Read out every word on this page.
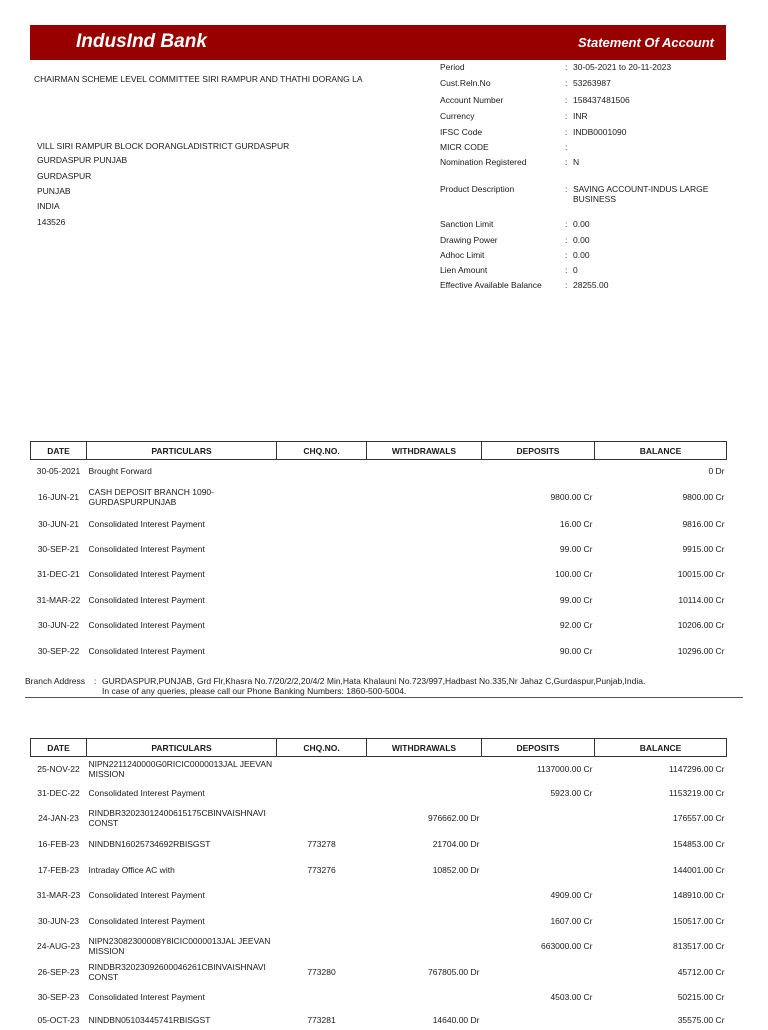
IndusInd Bank	Statement Of Account
CHAIRMAN SCHEME LEVEL COMMITTEE SIRI RAMPUR AND THATHI DORANG LA
VILL SIRI RAMPUR BLOCK DORANGLADISTRICT GURDASPUR
GURDASPUR PUNJAB
GURDASPUR
PUNJAB
INDIA
143526
Period	: 30-05-2021 to 20-11-2023
Cust.Reln.No	: 53263987
Account Number	: 158437481506
Currency	: INR
IFSC Code	: INDB0001090
MICR CODE	:
Nomination Registered	: N
Product Description	: SAVING ACCOUNT-INDUS LARGE BUSINESS
Sanction Limit	: 0.00
Drawing Power	: 0.00
Adhoc Limit	: 0.00
Lien Amount	: 0
Effective Available Balance	: 28255.00
DATE	PARTICULARS	CHQ.NO.	WITHDRAWALS	DEPOSITS	BALANCE
30-05-2021	Brought Forward				0 Dr
16-JUN-21	CASH DEPOSIT BRANCH 1090-GURDASPURPUNJAB			9800.00 Cr	9800.00 Cr
30-JUN-21	Consolidated Interest Payment			16.00 Cr	9816.00 Cr
30-SEP-21	Consolidated Interest Payment			99.00 Cr	9915.00 Cr
31-DEC-21	Consolidated Interest Payment			100.00 Cr	10015.00 Cr
31-MAR-22	Consolidated Interest Payment			99.00 Cr	10114.00 Cr
30-JUN-22	Consolidated Interest Payment			92.00 Cr	10206.00 Cr
30-SEP-22	Consolidated Interest Payment			90.00 Cr	10296.00 Cr
Branch Address : GURDASPUR,PUNJAB, Grd Flr,Khasra No.7/20/2/2,20/4/2 Min,Hata Khalauni No.723/997,Hadbast No.335,Nr Jahaz C,Gurdaspur,Punjab,India.
In case of any queries, please call our Phone Banking Numbers: 1860-500-5004.
DATE	PARTICULARS	CHQ.NO.	WITHDRAWALS	DEPOSITS	BALANCE
25-NOV-22	NIPN2211240000G0RICIC0000013JAL JEEVAN MISSION			1137000.00 Cr	1147296.00 Cr
31-DEC-22	Consolidated Interest Payment			5923.00 Cr	1153219.00 Cr
24-JAN-23	RINDBR32023012400615175CBINVAISHNAVI CONST		976662.00 Dr		176557.00 Cr
16-FEB-23	NINDBN16025734692RBISGST	773278	21704.00 Dr		154853.00 Cr
17-FEB-23	Intraday Office AC with	773276	10852.00 Dr		144001.00 Cr
31-MAR-23	Consolidated Interest Payment			4909.00 Cr	148910.00 Cr
30-JUN-23	Consolidated Interest Payment			1607.00 Cr	150517.00 Cr
24-AUG-23	NIPN23082300008Y8ICIC0000013JAL JEEVAN MISSION			663000.00 Cr	813517.00 Cr
26-SEP-23	RINDBR32023092600046261CBINVAISHNAVI CONST	773280	767805.00 Dr		45712.00 Cr
30-SEP-23	Consolidated Interest Payment			4503.00 Cr	50215.00 Cr
05-OCT-23	NINDBN05103445741RBISGST	773281	14640.00 Dr		35575.00 Cr
